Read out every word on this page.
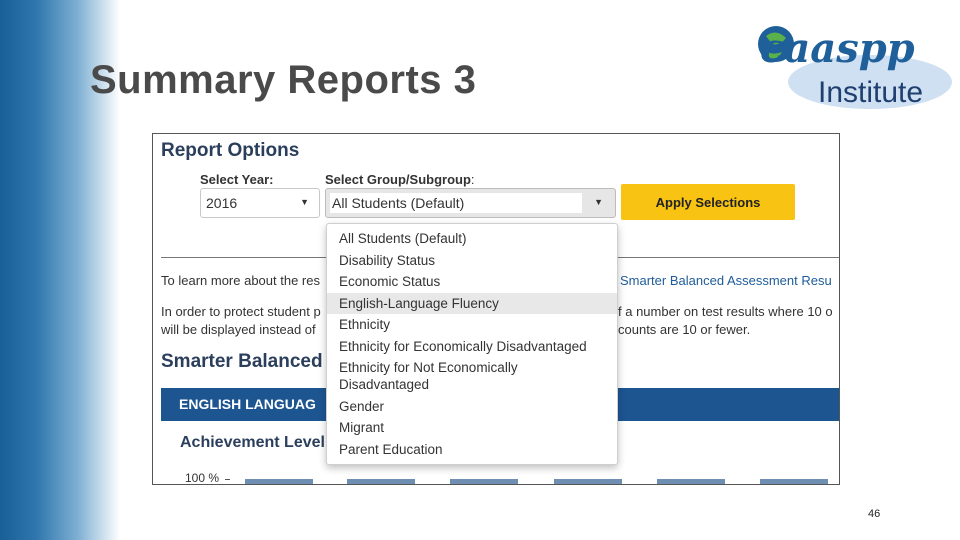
Summary Reports 3
caaspp
Institute
Report Options
Select Year:	Select Group/Subgroup:
2016	▼ All Students (Default)	▼	Apply Selections
To learn more about the res	Smarter Balanced Assessment Resu
In order to protect student p
will be displayed instead of
f a number on test results where 10 o
counts are 10 or fewer.
Smarter Balanced
ENGLISH LANGUAG
Achievement Level
100 %
All Students (Default)
Disability Status
Economic Status
English-Language Fluency
Ethnicity
Ethnicity for Economically Disadvantaged
Ethnicity for Not Economically
Disadvantaged
Gender
Migrant
Parent Education
46
